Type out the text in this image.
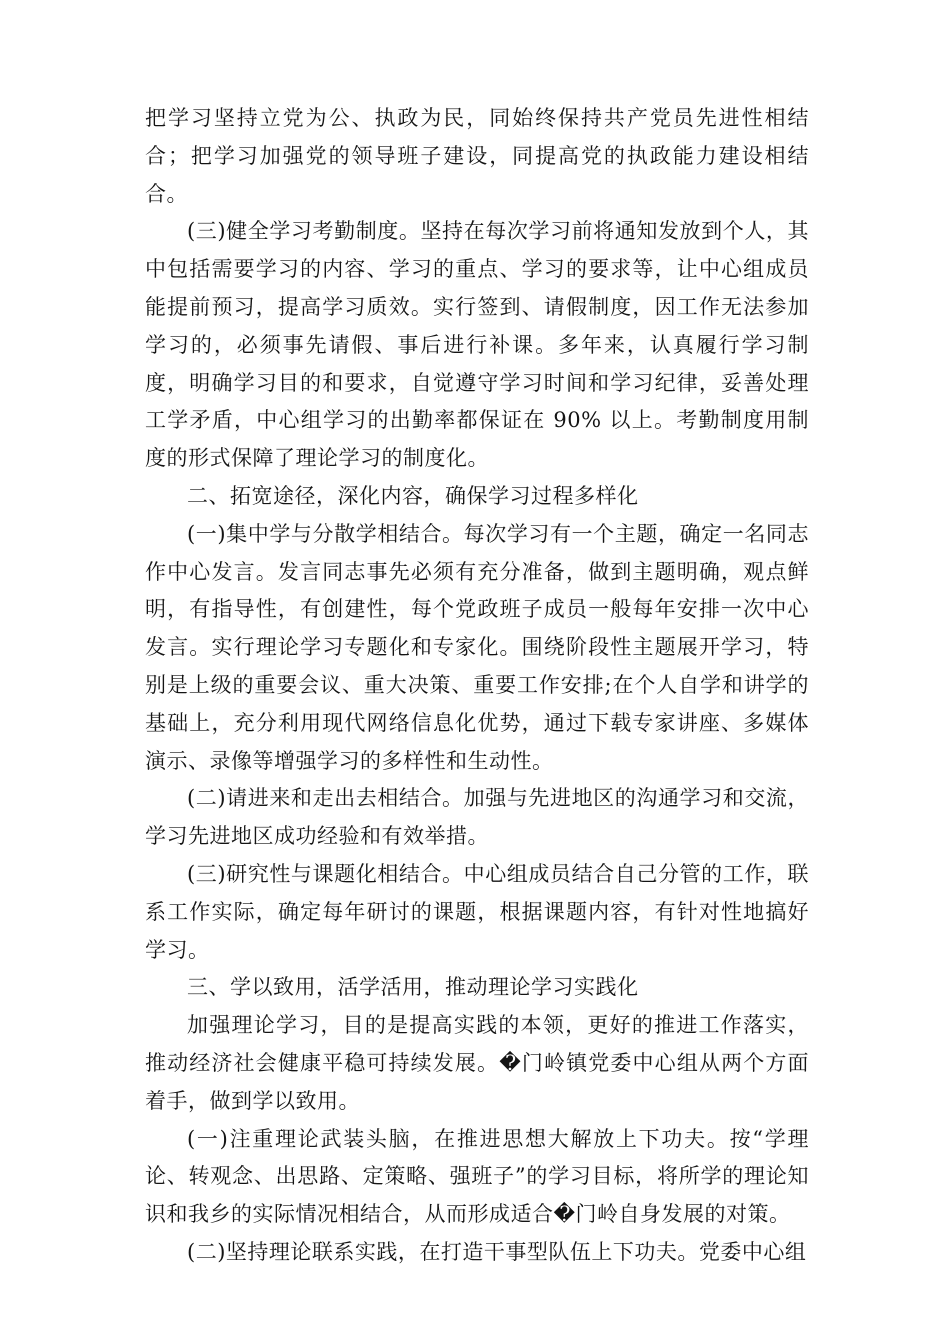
把学习坚持立党为公、执政为民，同始终保持共产党员先进性相结合；把学习加强党的领导班子建设，同提高党的执政能力建设相结合。

(三)健全学习考勤制度。坚持在每次学习前将通知发放到个人，其中包括需要学习的内容、学习的重点、学习的要求等，让中心组成员能提前预习，提高学习质效。实行签到、请假制度，因工作无法参加学习的，必须事先请假、事后进行补课。多年来，认真履行学习制度，明确学习目的和要求，自觉遵守学习时间和学习纪律，妥善处理工学矛盾，中心组学习的出勤率都保证在 90% 以上。考勤制度用制度的形式保障了理论学习的制度化。

二、拓宽途径，深化内容，确保学习过程多样化

(一)集中学与分散学相结合。每次学习有一个主题，确定一名同志作中心发言。发言同志事先必须有充分准备，做到主题明确，观点鲜明，有指导性，有创建性，每个党政班子成员一般每年安排一次中心发言。实行理论学习专题化和专家化。围绕阶段性主题展开学习，特别是上级的重要会议、重大决策、重要工作安排;在个人自学和讲学的基础上，充分利用现代网络信息化优势，通过下载专家讲座、多媒体演示、录像等增强学习的多样性和生动性。

(二)请进来和走出去相结合。加强与先进地区的沟通学习和交流，学习先进地区成功经验和有效举措。

(三)研究性与课题化相结合。中心组成员结合自己分管的工作，联系工作实际，确定每年研讨的课题，根据课题内容，有针对性地搞好学习。

三、学以致用，活学活用，推动理论学习实践化

加强理论学习，目的是提高实践的本领，更好的推进工作落实，推动经济社会健康平稳可持续发展。�门岭镇党委中心组从两个方面着手，做到学以致用。

(一)注重理论武装头脑，在推进思想大解放上下功夫。按“学理论、转观念、出思路、定策略、强班子”的学习目标，将所学的理论知识和我乡的实际情况相结合，从而形成适合�门岭自身发展的对策。

(二)坚持理论联系实践，在打造干事型队伍上下功夫。党委中心组
